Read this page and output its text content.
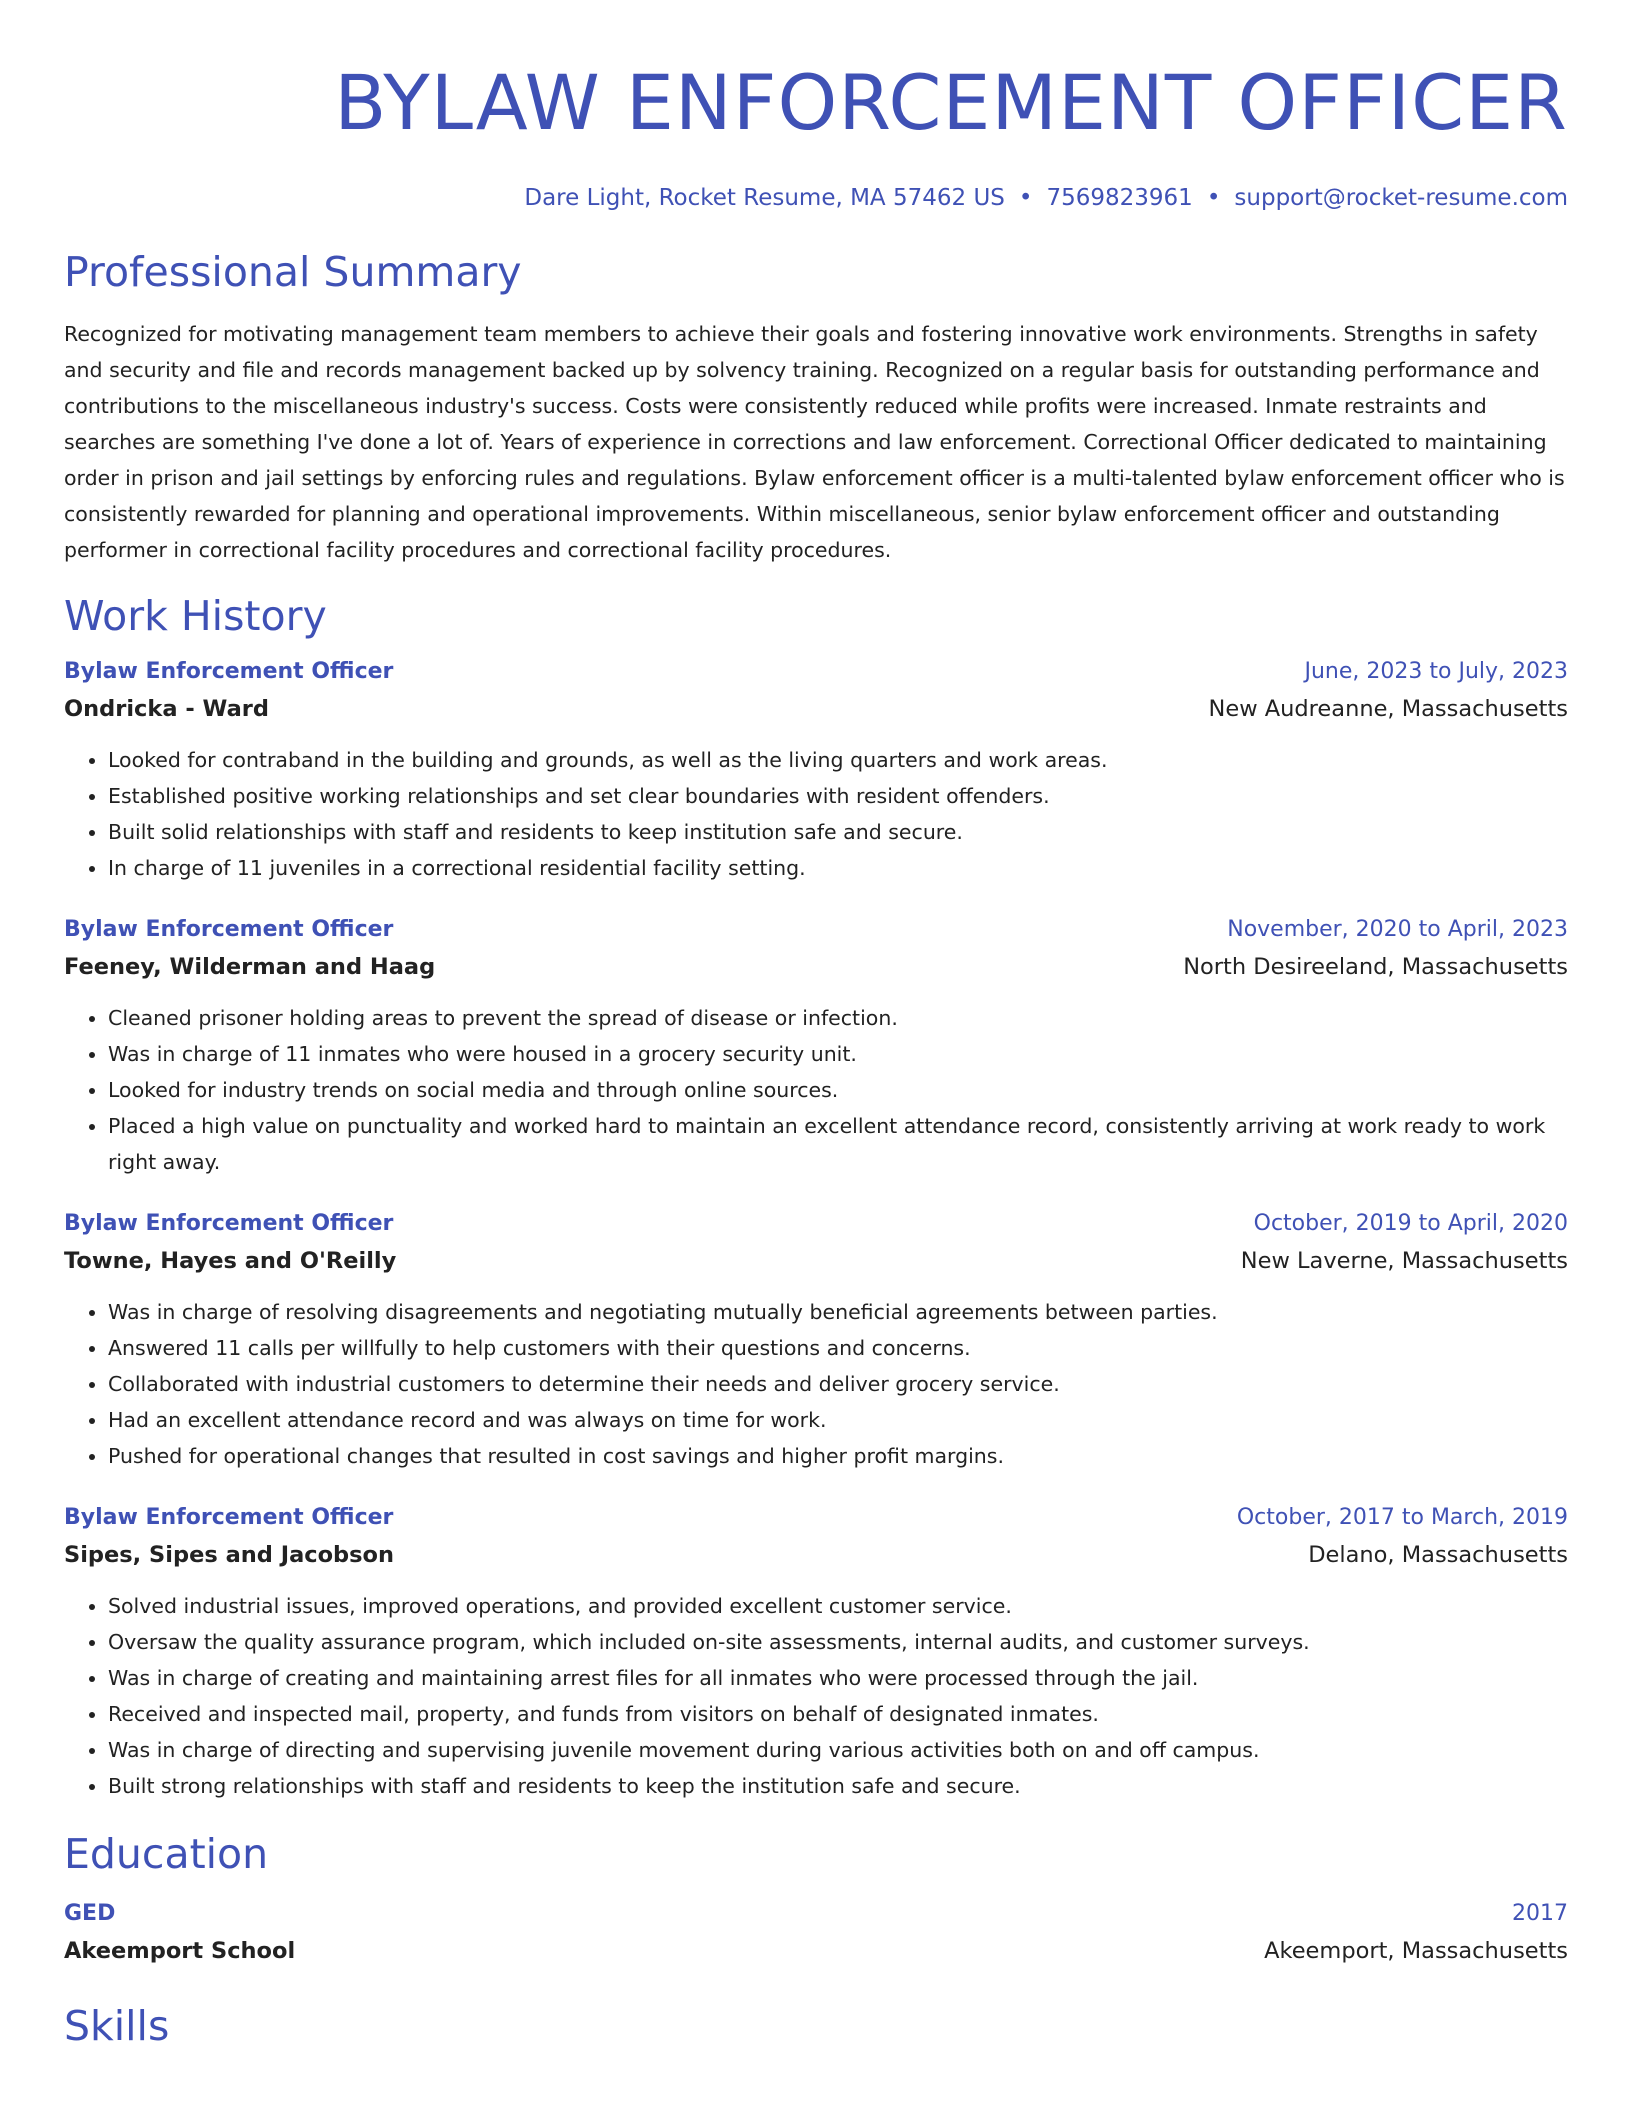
BYLAW ENFORCEMENT OFFICER
Dare Light, Rocket Resume, MA 57462 US • 7569823961 • support@rocket-resume.com
Professional Summary
Recognized for motivating management team members to achieve their goals and fostering innovative work environments. Strengths in safety and security and file and records management backed up by solvency training. Recognized on a regular basis for outstanding performance and contributions to the miscellaneous industry's success. Costs were consistently reduced while profits were increased. Inmate restraints and searches are something I've done a lot of. Years of experience in corrections and law enforcement. Correctional Officer dedicated to maintaining order in prison and jail settings by enforcing rules and regulations. Bylaw enforcement officer is a multi-talented bylaw enforcement officer who is consistently rewarded for planning and operational improvements. Within miscellaneous, senior bylaw enforcement officer and outstanding performer in correctional facility procedures and correctional facility procedures.
Work History
Bylaw Enforcement Officer	June, 2023 to July, 2023
Ondricka - Ward	New Audreanne, Massachusetts
• Looked for contraband in the building and grounds, as well as the living quarters and work areas.
• Established positive working relationships and set clear boundaries with resident offenders.
• Built solid relationships with staff and residents to keep institution safe and secure.
• In charge of 11 juveniles in a correctional residential facility setting.
Bylaw Enforcement Officer	November, 2020 to April, 2023
Feeney, Wilderman and Haag	North Desireeland, Massachusetts
• Cleaned prisoner holding areas to prevent the spread of disease or infection.
• Was in charge of 11 inmates who were housed in a grocery security unit.
• Looked for industry trends on social media and through online sources.
• Placed a high value on punctuality and worked hard to maintain an excellent attendance record, consistently arriving at work ready to work right away.
Bylaw Enforcement Officer	October, 2019 to April, 2020
Towne, Hayes and O'Reilly	New Laverne, Massachusetts
• Was in charge of resolving disagreements and negotiating mutually beneficial agreements between parties.
• Answered 11 calls per willfully to help customers with their questions and concerns.
• Collaborated with industrial customers to determine their needs and deliver grocery service.
• Had an excellent attendance record and was always on time for work.
• Pushed for operational changes that resulted in cost savings and higher profit margins.
Bylaw Enforcement Officer	October, 2017 to March, 2019
Sipes, Sipes and Jacobson	Delano, Massachusetts
• Solved industrial issues, improved operations, and provided excellent customer service.
• Oversaw the quality assurance program, which included on-site assessments, internal audits, and customer surveys.
• Was in charge of creating and maintaining arrest files for all inmates who were processed through the jail.
• Received and inspected mail, property, and funds from visitors on behalf of designated inmates.
• Was in charge of directing and supervising juvenile movement during various activities both on and off campus.
• Built strong relationships with staff and residents to keep the institution safe and secure.
Education
GED	2017
Akeemport School	Akeemport, Massachusetts
Skills
